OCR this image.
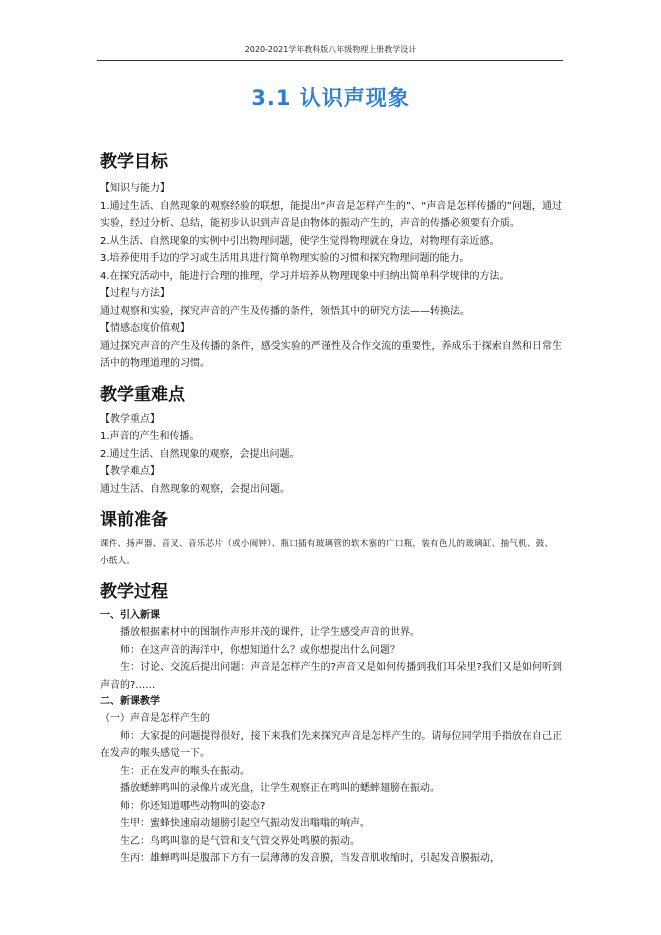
2020-2021学年教科版八年级物理上册教学设计
3.1 认识声现象
教学目标

【知识与能力】

1.通过生活、自然现象的观察经验的联想，能提出“声音是怎样产生的”、“声音是怎样传播的”问题，通过实验，经过分析、总结，能初步认识到声音是由物体的振动产生的，声音的传播必须要有介质。

2.从生活、自然现象的实例中引出物理问题，使学生觉得物理就在身边，对物理有亲近感。

3.培养使用手边的学习或生活用具进行简单物理实验的习惯和探究物理问题的能力。

4.在探究活动中，能进行合理的推理，学习并培养从物理现象中归纳出简单科学规律的方法。

【过程与方法】

通过观察和实验，探究声音的产生及传播的条件，领悟其中的研究方法——转换法。

【情感态度价值观】

通过探究声音的产生及传播的条件，感受实验的严谨性及合作交流的重要性，养成乐于探索自然和日常生活中的物理道理的习惯。

教学重难点

【教学重点】

1.声音的产生和传播。

2.通过生活、自然现象的观察，会提出问题。

【教学难点】

通过生活、自然现象的观察，会提出问题。

课前准备

课件、扬声器、音叉、音乐芯片（或小闹钟）、瓶口插有玻璃管的软木塞的广口瓶，装有色儿的玻璃缸、抽气机、鼓、小纸人。

教学过程

一、引入新课

播放根据素材中的图制作声形并茂的课件，让学生感受声音的世界。

师：在这声音的海洋中，你想知道什么？或你想提出什么问题？

生：讨论、交流后提出问题：声音是怎样产生的?声音又是如何传播到我们耳朵里?我们又是如何听到声音的?……

二、新课教学

（一）声音是怎样产生的

师：大家提的问题提得很好，接下来我们先来探究声音是怎样产生的。请每位同学用手指放在自己正在发声的喉头感觉一下。

生：正在发声的喉头在振动。

播放蟋蟀鸣叫的录像片或光盘，让学生观察正在鸣叫的蟋蟀翅膀在振动。

师：你还知道哪些动物叫的姿态?

生甲：蜜蜂快速扇动翅膀引起空气振动发出嗡嗡的响声。

生乙：鸟鸣叫靠的是气管和支气管交界处鸣膜的振动。

生丙：雄蝉鸣叫是腹部下方有一层薄薄的发音膜，当发音肌收缩时，引起发音膜振动，
